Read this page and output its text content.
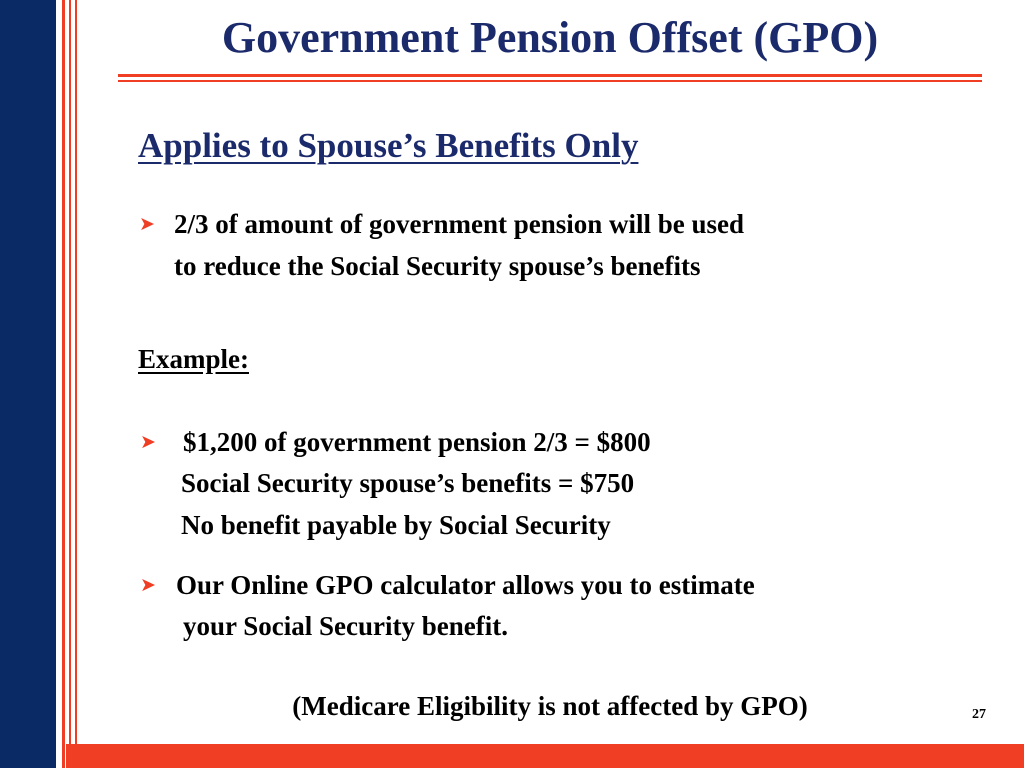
Government Pension Offset (GPO)
Applies to Spouse’s Benefits Only
➤ 2/3 of amount of government pension will be used
to reduce the Social Security spouse’s benefits
Example:
➤ $1,200 of government pension 2/3 = $800
Social Security spouse’s benefits = $750
No benefit payable by Social Security
➤ Our Online GPO calculator allows you to estimate
your Social Security benefit.
(Medicare Eligibility is not affected by GPO)	27
